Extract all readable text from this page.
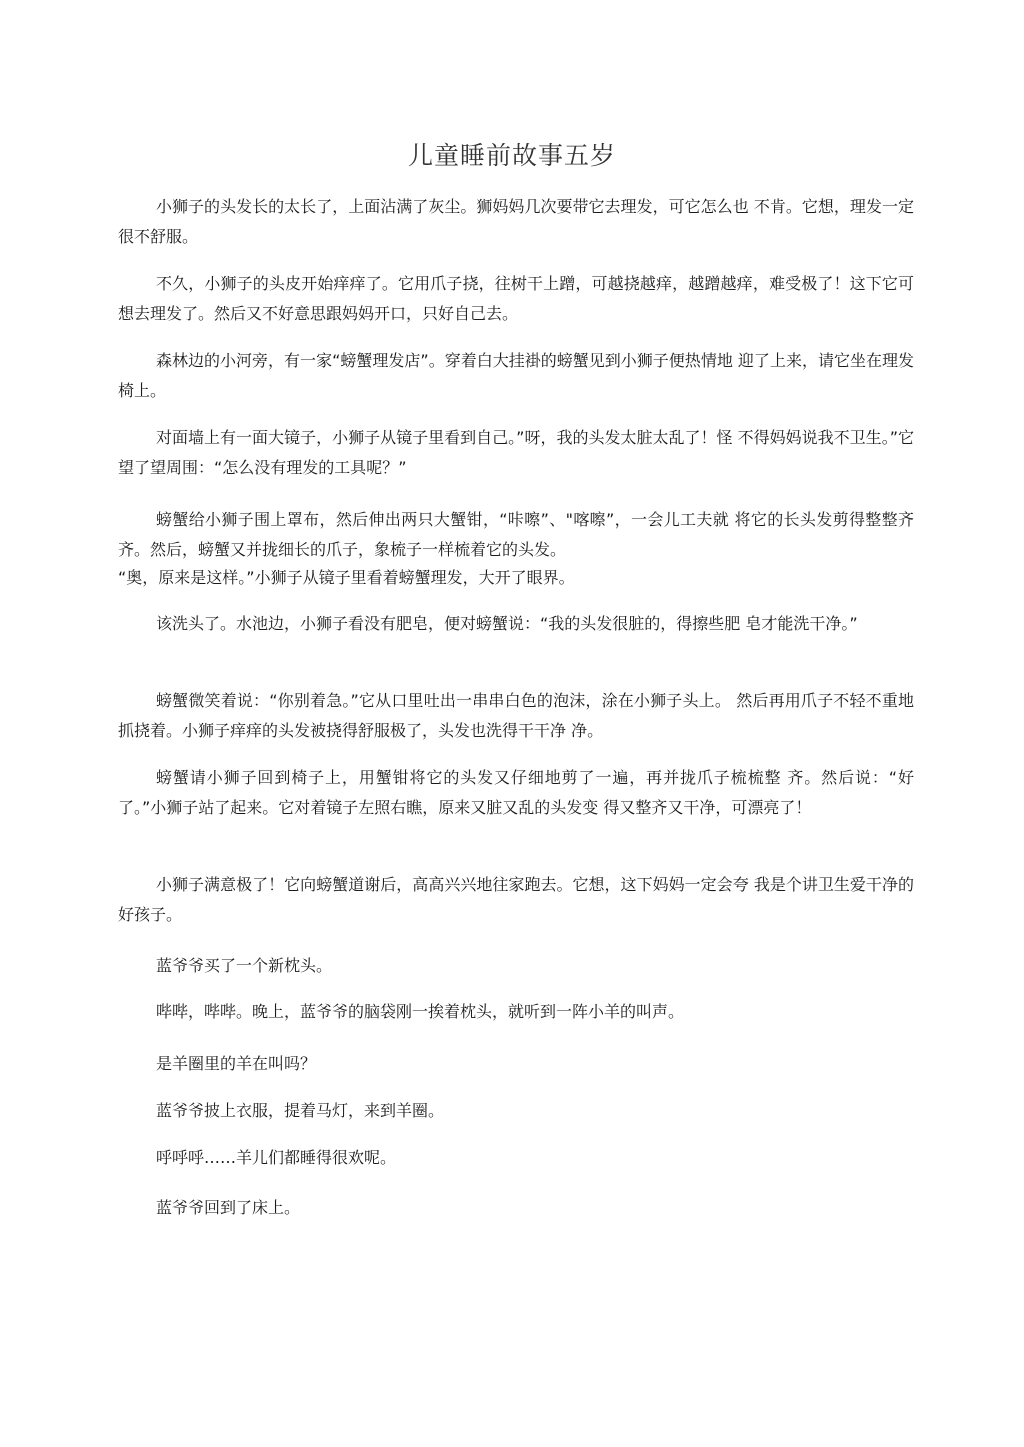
儿童睡前故事五岁

小狮子的头发长的太长了，上面沾满了灰尘。狮妈妈几次要带它去理发，可它怎么也 不肯。它想，理发一定很不舒服。

不久，小狮子的头皮开始痒痒了。它用爪子挠，往树干上蹭，可越挠越痒，越蹭越痒，难受极了！这下它可想去理发了。然后又不好意思跟妈妈开口，只好自己去。

森林边的小河旁，有一家“螃蟹理发店”。穿着白大挂褂的螃蟹见到小狮子便热情地 迎了上来，请它坐在理发椅上。

对面墙上有一面大镜子，小狮子从镜子里看到自己。”呀，我的头发太脏太乱了！怪 不得妈妈说我不卫生。”它望了望周围：“怎么没有理发的工具呢？”

螃蟹给小狮子围上罩布，然后伸出两只大蟹钳，“咔嚓”、"喀嚓”，一会儿工夫就 将它的长头发剪得整整齐齐。然后，螃蟹又并拢细长的爪子，象梳子一样梳着它的头发。

“奥，原来是这样。”小狮子从镜子里看着螃蟹理发，大开了眼界。

该洗头了。水池边，小狮子看没有肥皂，便对螃蟹说：“我的头发很脏的，得擦些肥 皂才能洗干净。”

螃蟹微笑着说：“你别着急。”它从口里吐出一串串白色的泡沫，涂在小狮子头上。 然后再用爪子不轻不重地抓挠着。小狮子痒痒的头发被挠得舒服极了，头发也洗得干干净 净。

螃蟹请小狮子回到椅子上，用蟹钳将它的头发又仔细地剪了一遍，再并拢爪子梳梳整 齐。然后说：“好了。”小狮子站了起来。它对着镜子左照右瞧，原来又脏又乱的头发变 得又整齐又干净，可漂亮了！

小狮子满意极了！它向螃蟹道谢后，高高兴兴地往家跑去。它想，这下妈妈一定会夸 我是个讲卫生爱干净的好孩子。

蓝爷爷买了一个新枕头。

哔哔，哔哔。晚上，蓝爷爷的脑袋刚一挨着枕头，就听到一阵小羊的叫声。

是羊圈里的羊在叫吗？

蓝爷爷披上衣服，提着马灯，来到羊圈。

呼呼呼……羊儿们都睡得很欢呢。

蓝爷爷回到了床上。
